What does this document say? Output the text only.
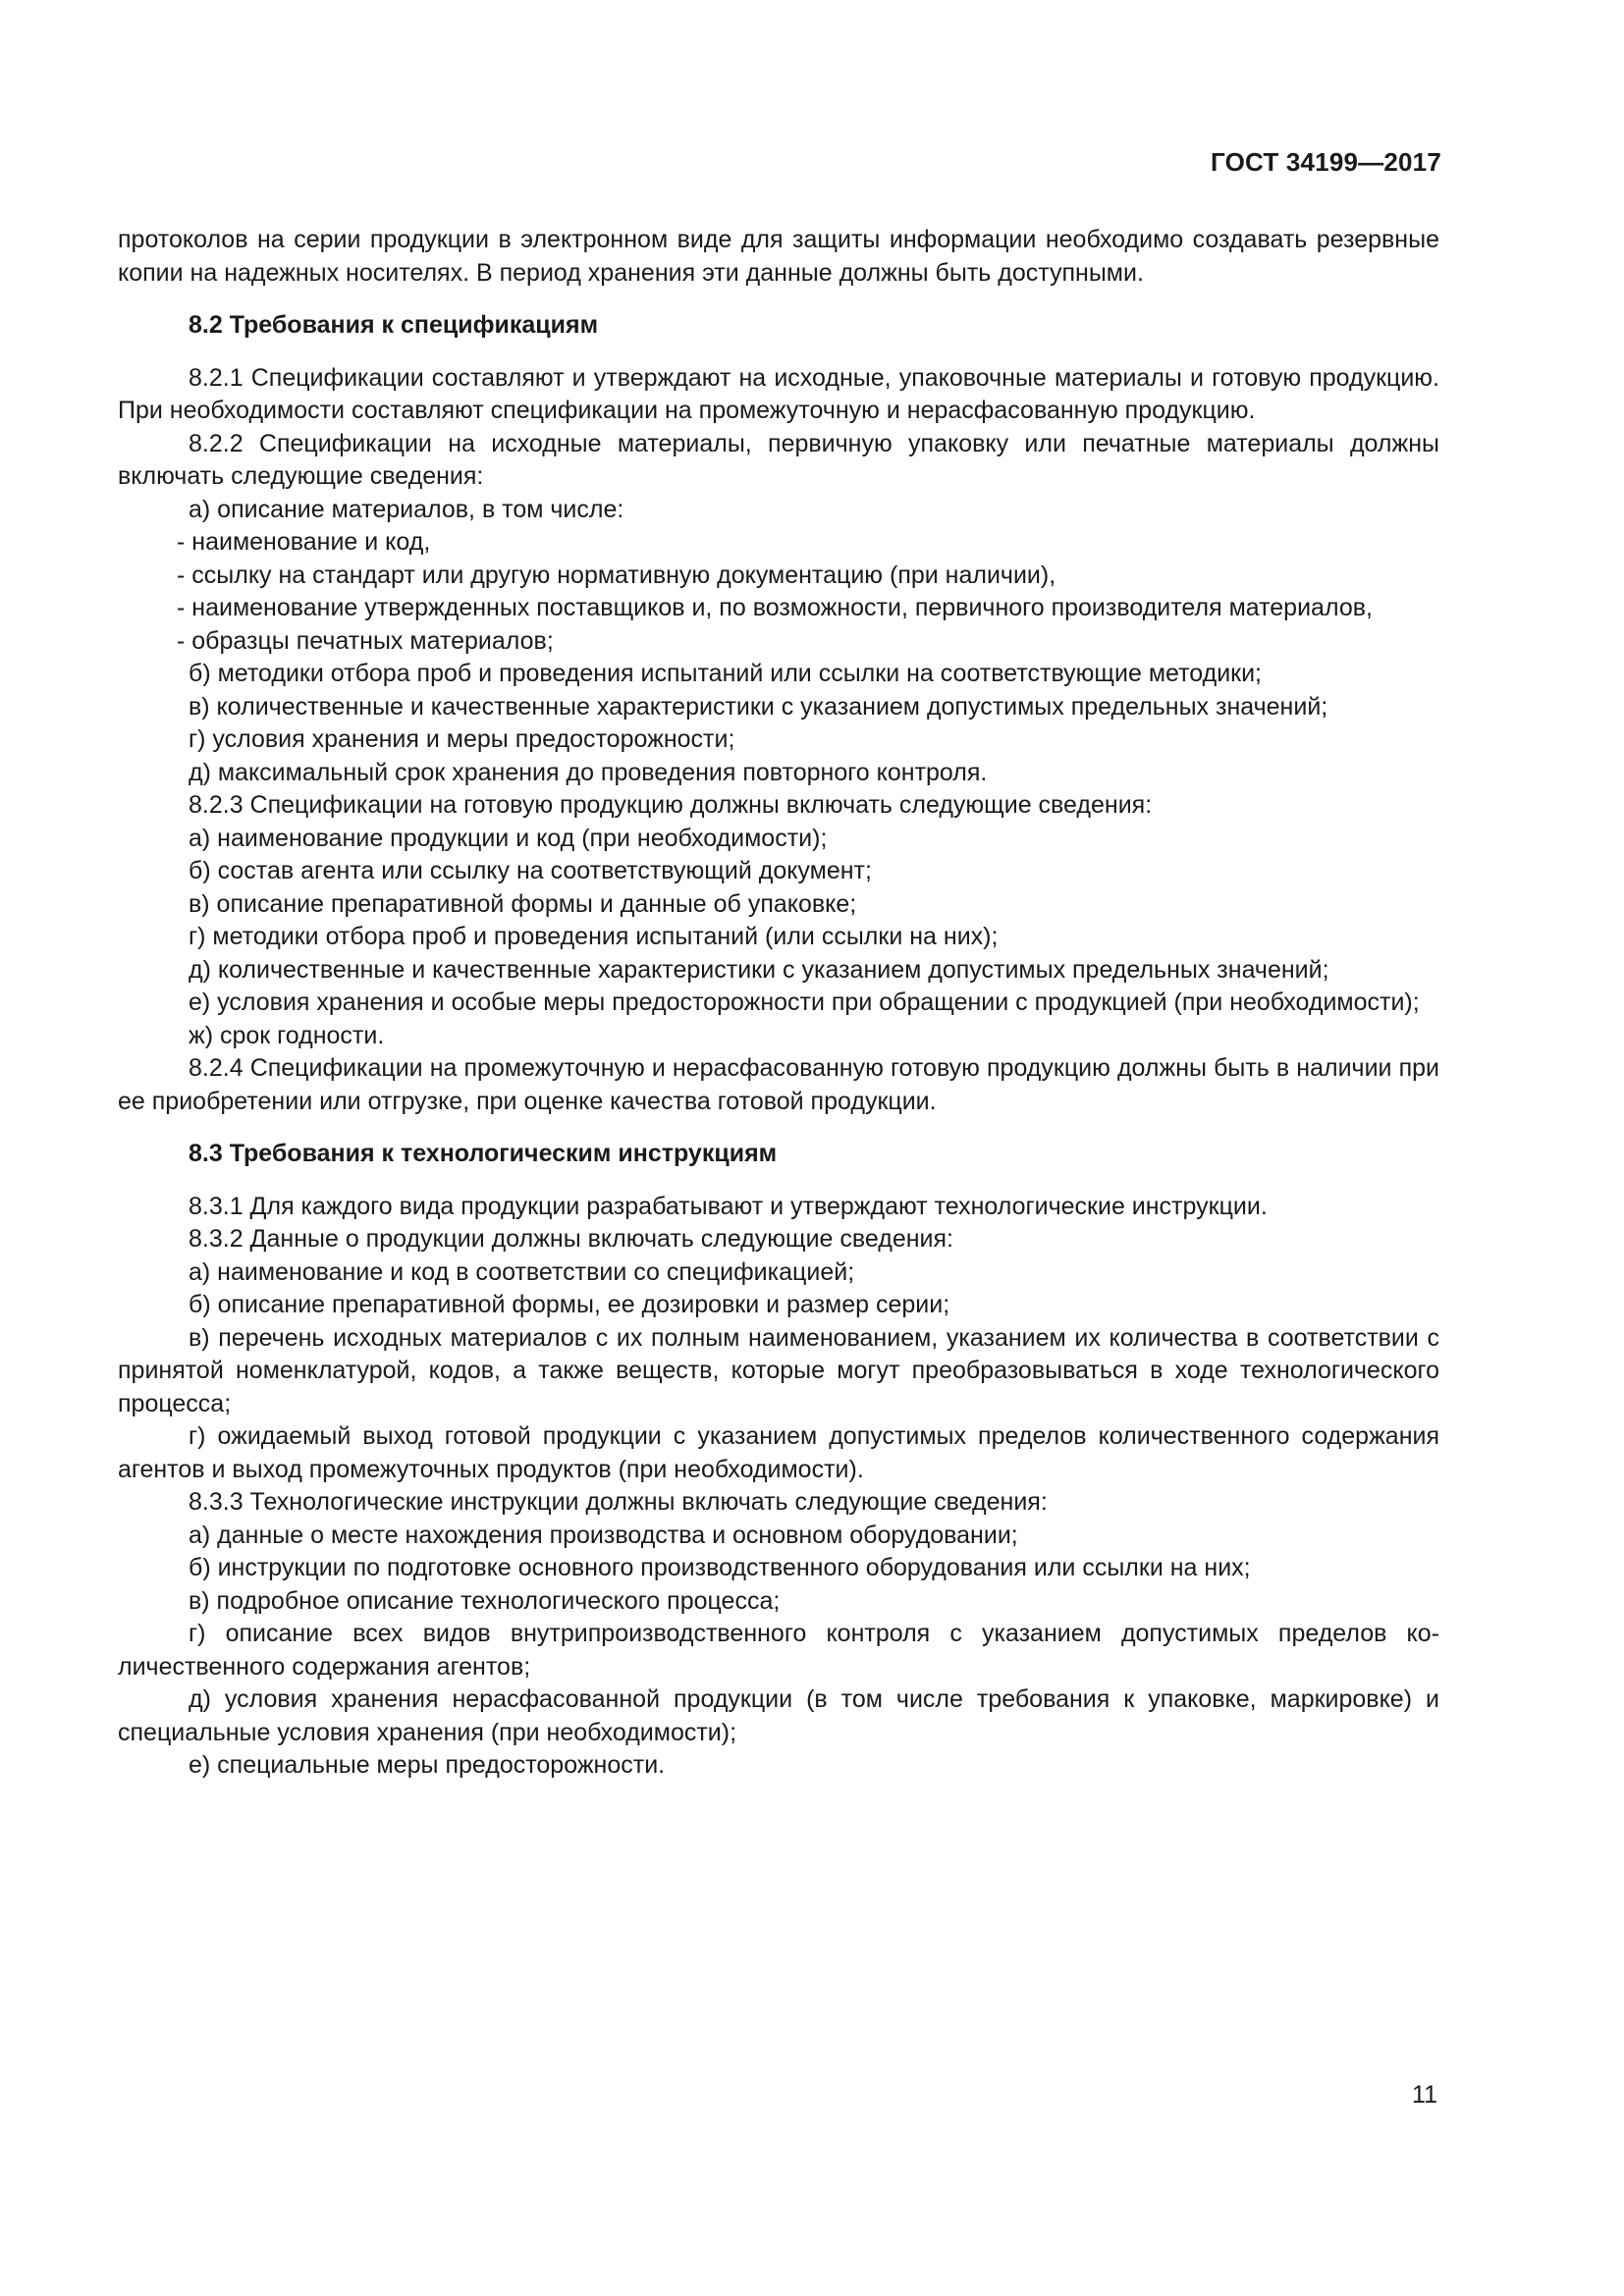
ГОСТ 34199—2017

протоколов на серии продукции в электронном виде для защиты информации необходимо создавать резервные копии на надежных носителях. В период хранения эти данные должны быть доступными.

8.2 Требования к спецификациям

8.2.1 Спецификации составляют и утверждают на исходные, упаковочные материалы и готовую продукцию. При необходимости составляют спецификации на промежуточную и нерасфасованную продукцию.

8.2.2 Спецификации на исходные материалы, первичную упаковку или печатные материалы должны включать следующие сведения:

а) описание материалов, в том числе:

- наименование и код,

- ссылку на стандарт или другую нормативную документацию (при наличии),

- наименование утвержденных поставщиков и, по возможности, первичного производителя материалов,

- образцы печатных материалов;

б) методики отбора проб и проведения испытаний или ссылки на соответствующие методики;

в) количественные и качественные характеристики с указанием допустимых предельных значений;

г) условия хранения и меры предосторожности;

д) максимальный срок хранения до проведения повторного контроля.

8.2.3 Спецификации на готовую продукцию должны включать следующие сведения:

а) наименование продукции и код (при необходимости);

б) состав агента или ссылку на соответствующий документ;

в) описание препаративной формы и данные об упаковке;

г) методики отбора проб и проведения испытаний (или ссылки на них);

д) количественные и качественные характеристики с указанием допустимых предельных значений;

е) условия хранения и особые меры предосторожности при обращении с продукцией (при необходимости);

ж) срок годности.

8.2.4 Спецификации на промежуточную и нерасфасованную готовую продукцию должны быть в наличии при ее приобретении или отгрузке, при оценке качества готовой продукции.

8.3 Требования к технологическим инструкциям

8.3.1 Для каждого вида продукции разрабатывают и утверждают технологические инструкции.

8.3.2 Данные о продукции должны включать следующие сведения:

а) наименование и код в соответствии со спецификацией;

б) описание препаративной формы, ее дозировки и размер серии;

в) перечень исходных материалов с их полным наименованием, указанием их количества в соответствии с принятой номенклатурой, кодов, а также веществ, которые могут преобразовываться в ходе технологического процесса;

г) ожидаемый выход готовой продукции с указанием допустимых пределов количественного содержания агентов и выход промежуточных продуктов (при необходимости).

8.3.3 Технологические инструкции должны включать следующие сведения:

а) данные о месте нахождения производства и основном оборудовании;

б) инструкции по подготовке основного производственного оборудования или ссылки на них;

в) подробное описание технологического процесса;

г) описание всех видов внутрипроизводственного контроля с указанием допустимых пределов количественного содержания агентов;

д) условия хранения нерасфасованной продукции (в том числе требования к упаковке, маркировке) и специальные условия хранения (при необходимости);

е) специальные меры предосторожности.

11
